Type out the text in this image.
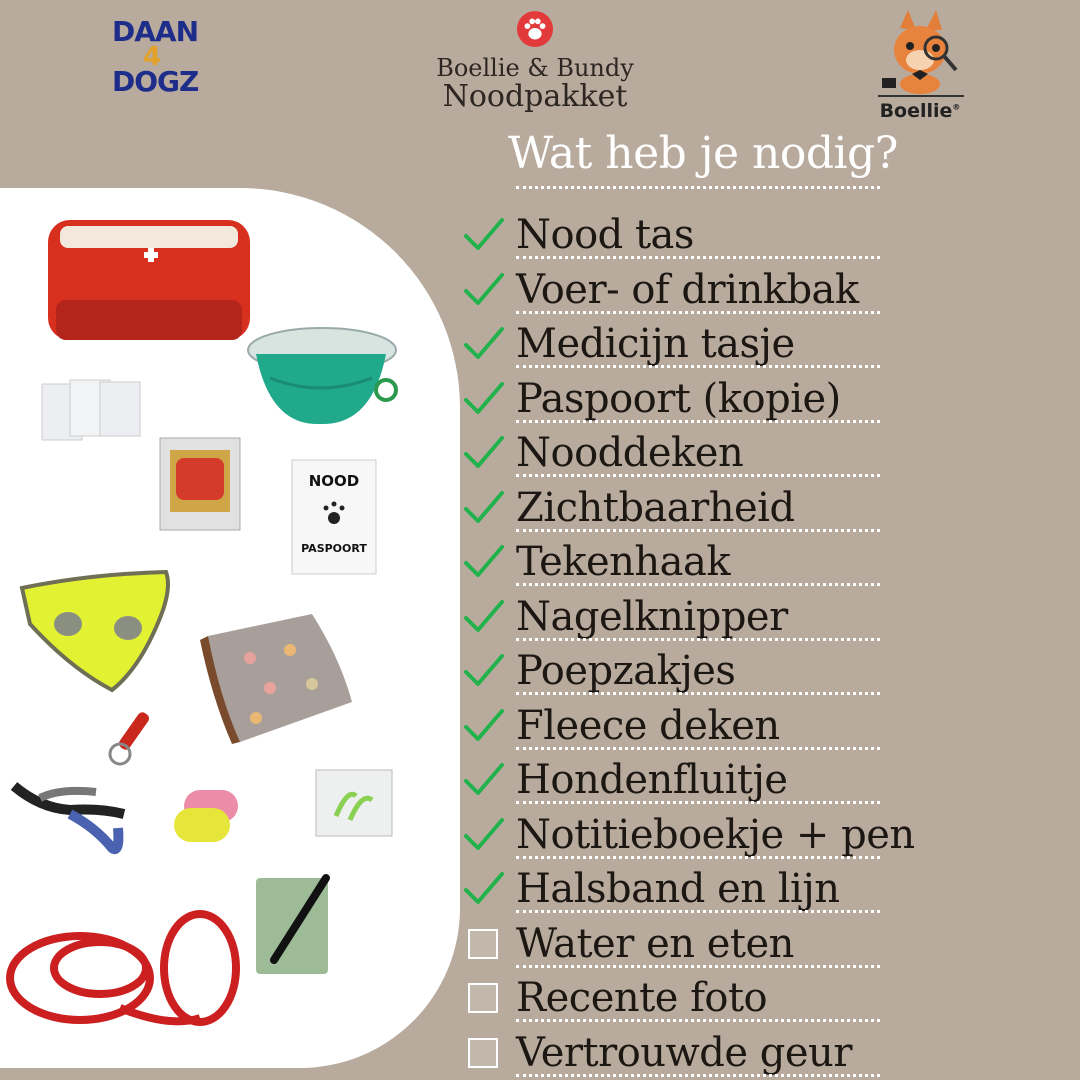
DAAN
4
DOGZ	Boellie & Bundy
Noodpakket	Boellie®
NOOD
PASPOORT
Wat heb je nodig?
Nood tas
Voer- of drinkbak
Medicijn tasje
Paspoort (kopie)
Nooddeken
Zichtbaarheid
Tekenhaak
Nagelknipper
Poepzakjes
Fleece deken
Hondenfluitje
Notitieboekje + pen
Halsband en lijn
Water en eten
Recente foto
Vertrouwde geur
